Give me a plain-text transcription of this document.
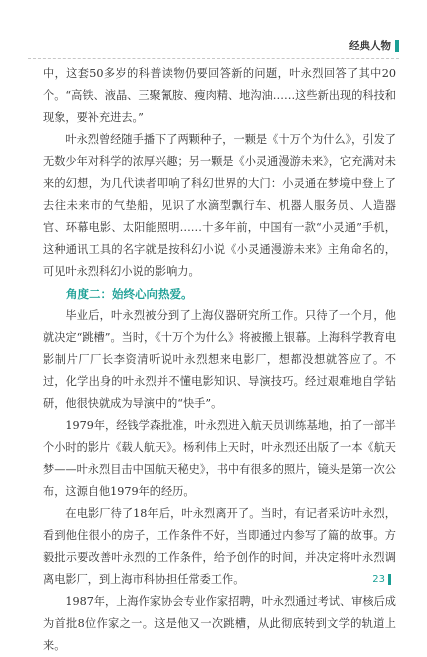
经典人物

中，这套50多岁的科普读物仍要回答新的问题，叶永烈回答了其中20个。“高铁、液晶、三聚氰胺、瘦肉精、地沟油……这些新出现的科技和现象，要补充进去。”

叶永烈曾经随手播下了两颗种子，一颗是《十万个为什么》，引发了无数少年对科学的浓厚兴趣；另一颗是《小灵通漫游未来》，它充满对未来的幻想，为几代读者叩响了科幻世界的大门：小灵通在梦境中登上了去往未来市的气垫船，见识了水滴型飘行车、机器人服务员、人造器官、环幕电影、太阳能照明……十多年前，中国有一款“小灵通”手机，这种通讯工具的名字就是按科幻小说《小灵通漫游未来》主角命名的，可见叶永烈科幻小说的影响力。

角度二：始终心向热爱。

毕业后，叶永烈被分到了上海仪器研究所工作。只待了一个月，他就决定“跳槽”。当时，《十万个为什么》将被搬上银幕。上海科学教育电影制片厂厂长李资清听说叶永烈想来电影厂，想都没想就答应了。不过，化学出身的叶永烈并不懂电影知识、导演技巧。经过艰难地自学钻研，他很快就成为导演中的“快手”。

1979年，经钱学森批准，叶永烈进入航天员训练基地，拍了一部半个小时的影片《载人航天》。杨利伟上天时，叶永烈还出版了一本《航天梦——叶永烈目击中国航天秘史》，书中有很多的照片，镜头是第一次公布，这源自他1979年的经历。

在电影厂待了18年后，叶永烈离开了。当时，有记者采访叶永烈，看到他住很小的房子，工作条件不好，当即通过内参写了篇的故事。方毅批示要改善叶永烈的工作条件，给予创作的时间，并决定将叶永烈调离电影厂，到上海市科协担任常委工作。

1987年，上海作家协会专业作家招聘，叶永烈通过考试、审核后成为首批8位作家之一。这是他又一次跳槽，从此彻底转到文学的轨道上来。

23
